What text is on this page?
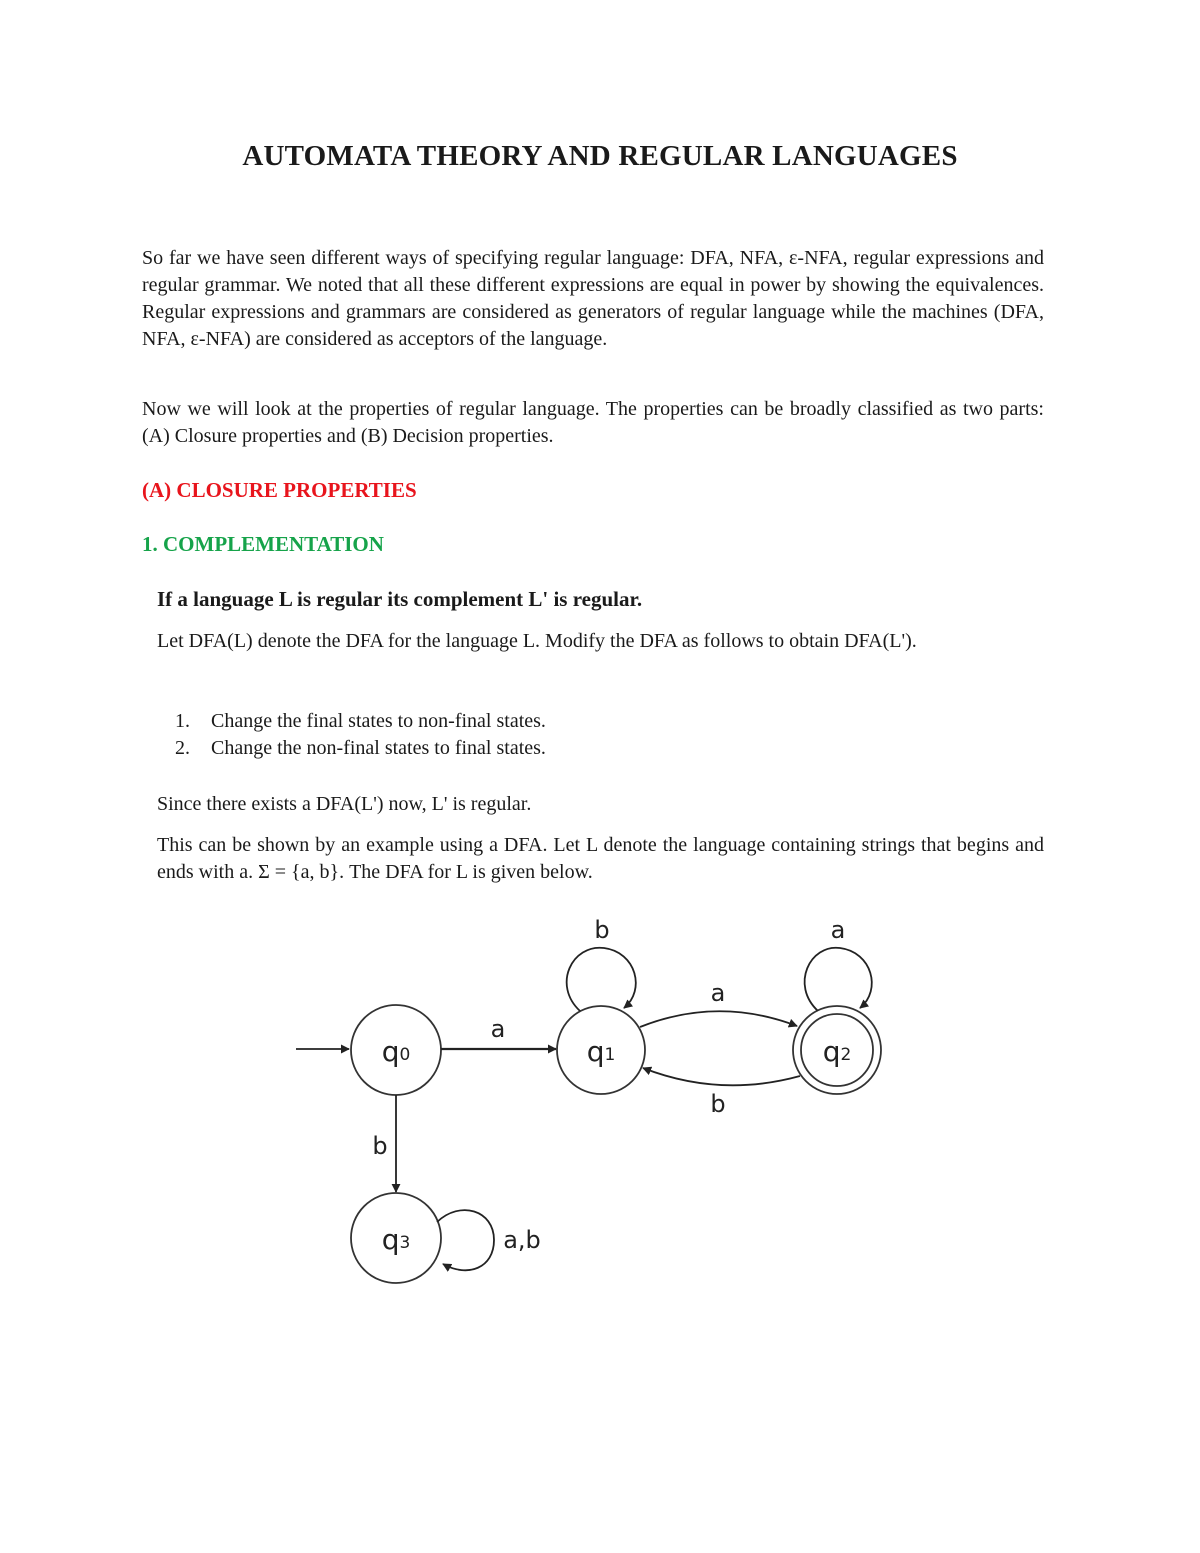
AUTOMATA THEORY AND REGULAR LANGUAGES

So far we have seen different ways of specifying regular language: DFA, NFA, ε-NFA, regular expressions and regular grammar. We noted that all these different expressions are equal in power by showing the equivalences. Regular expressions and grammars are considered as generators of regular language while the machines (DFA, NFA, ε-NFA) are considered as acceptors of the language.

Now we will look at the properties of regular language. The properties can be broadly classified as two parts: (A) Closure properties and (B) Decision properties.

(A) CLOSURE PROPERTIES
1. COMPLEMENTATION

If a language L is regular its complement L' is regular.

Let DFA(L) denote the DFA for the language L. Modify the DFA as follows to obtain DFA(L').

1.	Change the final states to non-final states.
2.	Change the non-final states to final states.

Since there exists a DFA(L') now, L' is regular.

This can be shown by an example using a DFA. Let L denote the language containing strings that begins and ends with a. Σ = {a, b}. The DFA for L is given below.

q0	q1	q2
q3
a
b
b
a
a
b
a,b
